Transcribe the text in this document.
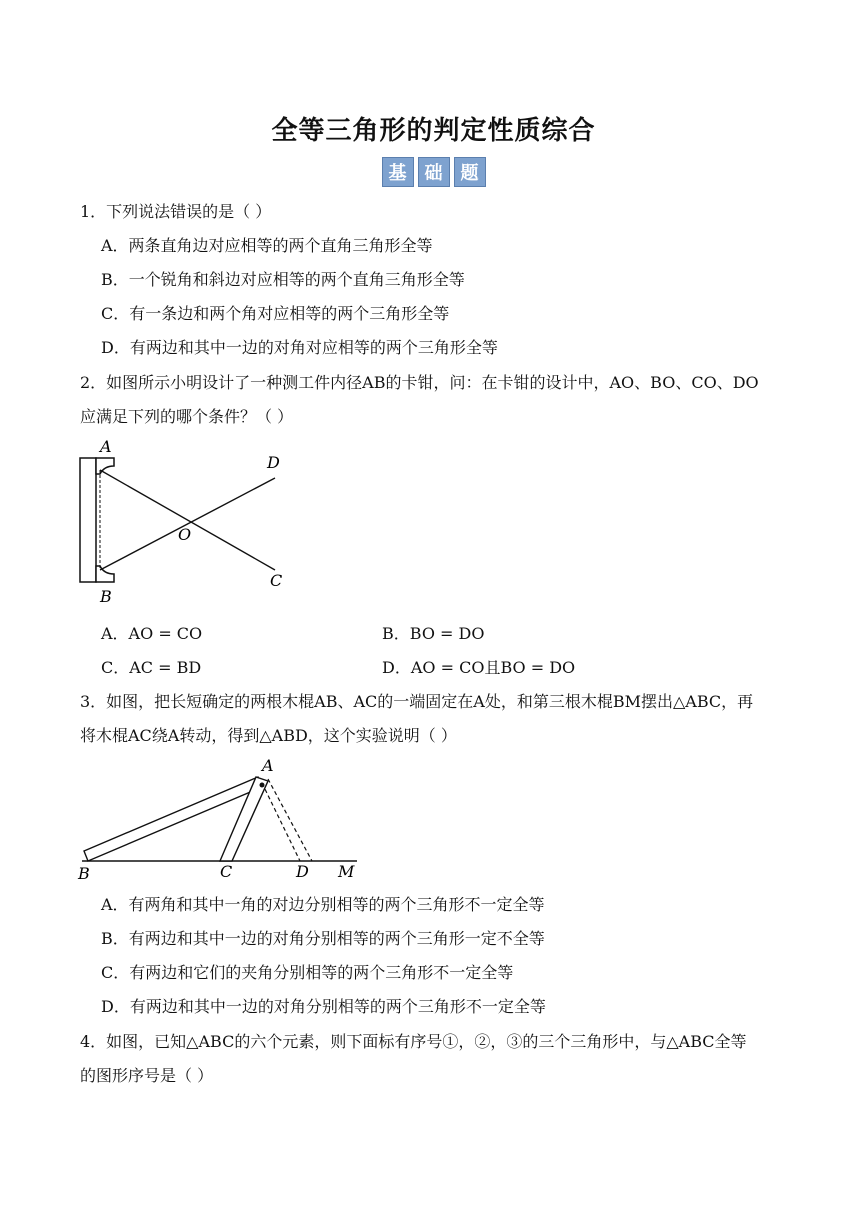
全等三角形的判定性质综合
基	础	题
1．下列说法错误的是（ ）
A．两条直角边对应相等的两个直角三角形全等
B．一个锐角和斜边对应相等的两个直角三角形全等
C．有一条边和两个角对应相等的两个三角形全等
D．有两边和其中一边的对角对应相等的两个三角形全等
2．如图所示小明设计了一种测工件内径AB的卡钳，问：在卡钳的设计中，AO、BO、CO、DO
应满足下列的哪个条件？（ ）
A
B
D
C
O
A．AO = CO	B．BO = DO
C．AC = BD	D．AO = CO且BO = DO
3．如图，把长短确定的两根木棍AB、AC的一端固定在A处，和第三根木棍BM摆出△ABC，再
将木棍AC绕A转动，得到△ABD，这个实验说明（ ）
A
B	C	D M
A．有两角和其中一角的对边分别相等的两个三角形不一定全等
B．有两边和其中一边的对角分别相等的两个三角形一定不全等
C．有两边和它们的夹角分别相等的两个三角形不一定全等
D．有两边和其中一边的对角分别相等的两个三角形不一定全等
4．如图，已知△ABC的六个元素，则下面标有序号①，②，③的三个三角形中，与△ABC全等
的图形序号是（ ）
